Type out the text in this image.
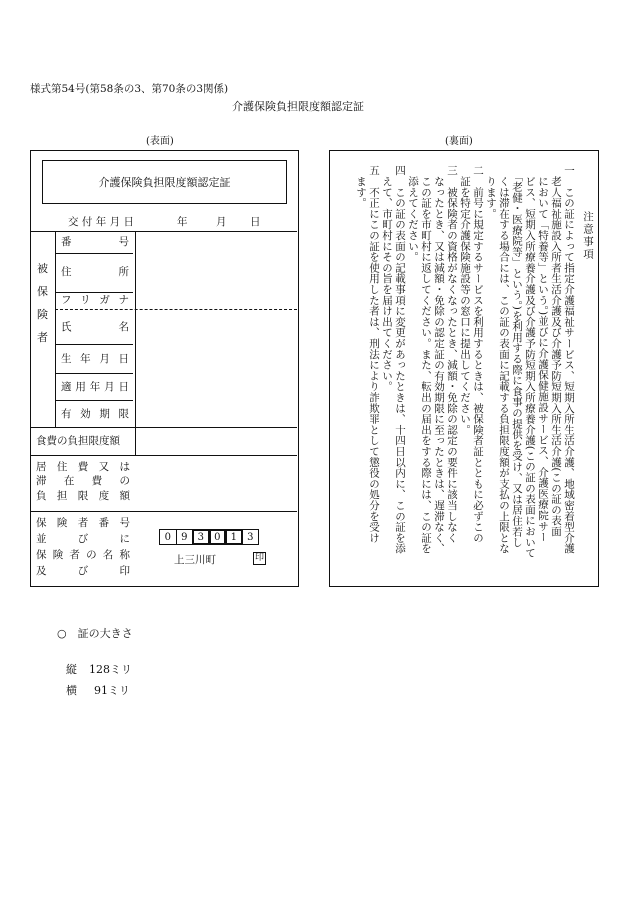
様式第54号(第58条の3、第70条の3関係)
介護保険負担限度額認定証
(表面)	(裏面)
介護保険負担限度額認定証
交 付 年 月 日	年	月 日
被
保
険
者
番	号
住	所
フ リ ガ ナ
氏	名
生 年 月 日
適 用 年 月 日
有 効 期 限
食費の負担限度額
居 住 費 又 は
滞 在 費 の
負 担 限 度 額
保 険 者 番 号
並	び	に
保 険 者 の 名 称
及	び	印
0	9	3	0	1	3
上三川町	印
注意事項
一　この証によって指定介護福祉サービス、短期入所生活介護、地域密着型介護
　老人福祉施設入所者生活介護及び介護予防短期入所生活介護(この証の表面
　において「特養等」という。)並びに介護保健施設サービス、介護医療院サー
　ビス、短期入所療養介護及び介護予防短期入所療養介護(この証の表面において
　「老健・医療院等」という。)を利用する際に食事の提供を受け、又は居住若し
　くは滞在する場合には、この証の表面に記載する負担限度額が支払の上限とな
　ります。
二　前号に規定するサービスを利用するときは、被保険者証とともに必ずこの
　証を特定介護保険施設等の窓口に提出してください。
三　被保険者の資格がなくなったとき、減額・免除の認定の要件に該当しなく
　なったとき、又は減額・免除の認定証の有効期限に至ったときは、遅滞なく、
　この証を市町村に返してください。また、転出の届出をする際には、この証を
　添えてください。
四　この証の表面の記載事項に変更があったときは、十四日以内に、この証を添
　えて、市町村にその旨を届け出てください。
五　不正にこの証を使用した者は、刑法により詐欺罪として懲役の処分を受け
　ます。
○　証の大きさ
縦 128ミリ
横 91ミリ
